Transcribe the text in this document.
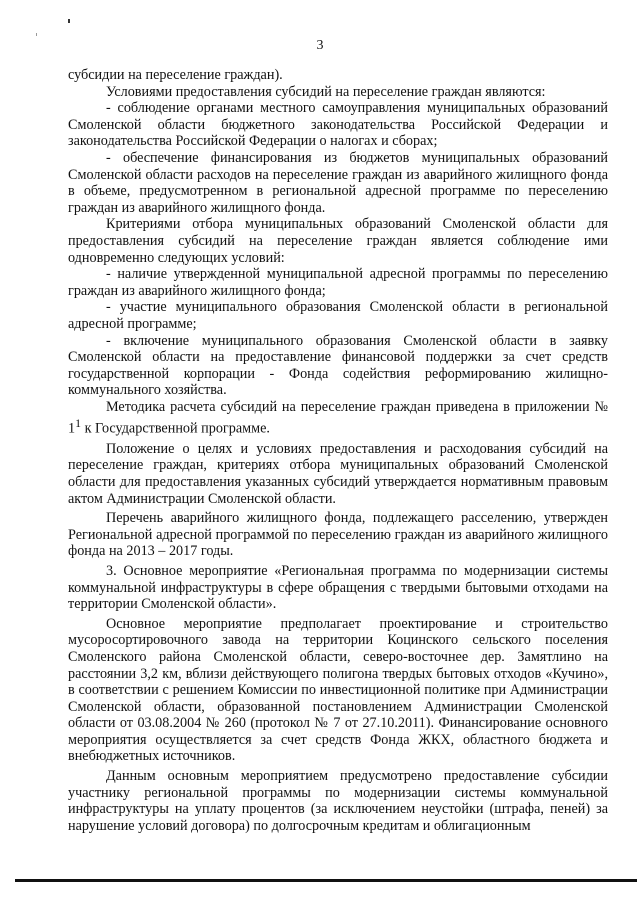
3

субсидии на переселение граждан).

Условиями предоставления субсидий на переселение граждан являются:

- соблюдение органами местного самоуправления муниципальных образований Смоленской области бюджетного законодательства Российской Федерации и законодательства Российской Федерации о налогах и сборах;

- обеспечение финансирования из бюджетов муниципальных образований Смоленской области расходов на переселение граждан из аварийного жилищного фонда в объеме, предусмотренном в региональной адресной программе по переселению граждан из аварийного жилищного фонда.

Критериями отбора муниципальных образований Смоленской области для предоставления субсидий на переселение граждан является соблюдение ими одновременно следующих условий:

- наличие утвержденной муниципальной адресной программы по переселению граждан из аварийного жилищного фонда;

- участие муниципального образования Смоленской области в региональной адресной программе;

- включение муниципального образования Смоленской области в заявку Смоленской области на предоставление финансовой поддержки за счет средств государственной корпорации - Фонда содействия реформированию жилищно-коммунального хозяйства.

Методика расчета субсидий на переселение граждан приведена в приложении № $1^1$ к Государственной программе.

Положение о целях и условиях предоставления и расходования субсидий на переселение граждан, критериях отбора муниципальных образований Смоленской области для предоставления указанных субсидий утверждается нормативным правовым актом Администрации Смоленской области.

Перечень аварийного жилищного фонда, подлежащего расселению, утвержден Региональной адресной программой по переселению граждан из аварийного жилищного фонда на 2013 – 2017 годы.

3. Основное мероприятие «Региональная программа по модернизации системы коммунальной инфраструктуры в сфере обращения с твердыми бытовыми отходами на территории Смоленской области».

Основное мероприятие предполагает проектирование и строительство мусоросортировочного завода на территории Коцинского сельского поселения Смоленского района Смоленской области, северо-восточнее дер. Замятлино на расстоянии 3,2 км, вблизи действующего полигона твердых бытовых отходов «Кучино», в соответствии с решением Комиссии по инвестиционной политике при Администрации Смоленской области, образованной постановлением Администрации Смоленской области от 03.08.2004 № 260 (протокол № 7 от 27.10.2011). Финансирование основного мероприятия осуществляется за счет средств Фонда ЖКХ, областного бюджета и внебюджетных источников.

Данным основным мероприятием предусмотрено предоставление субсидии участнику региональной программы по модернизации системы коммунальной инфраструктуры на уплату процентов (за исключением неустойки (штрафа, пеней) за нарушение условий договора) по долгосрочным кредитам и облигационным
